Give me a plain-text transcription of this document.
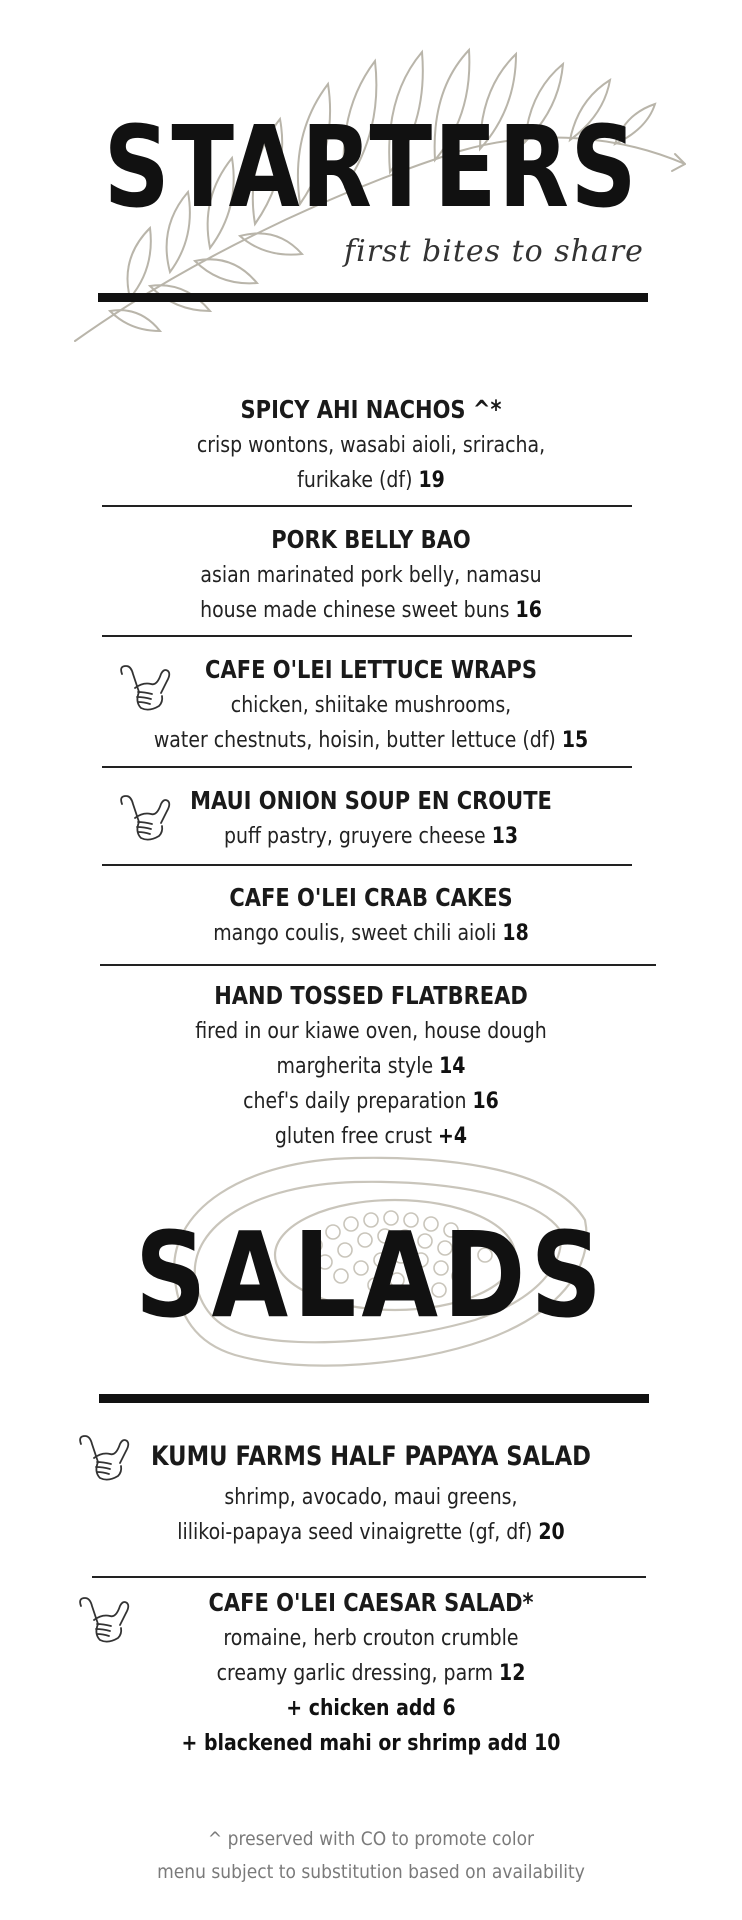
STARTERS
first bites to share
SPICY AHI NACHOS ^*
crisp wontons, wasabi aioli, sriracha,
furikake (df) 19
PORK BELLY BAO
asian marinated pork belly, namasu
house made chinese sweet buns 16
CAFE O'LEI LETTUCE WRAPS
chicken, shiitake mushrooms,
water chestnuts, hoisin, butter lettuce (df) 15
MAUI ONION SOUP EN CROUTE
puff pastry, gruyere cheese 13
CAFE O'LEI CRAB CAKES
mango coulis, sweet chili aioli 18
HAND TOSSED FLATBREAD
fired in our kiawe oven, house dough
margherita style 14
chef's daily preparation 16
gluten free crust +4
SALADS
KUMU FARMS HALF PAPAYA SALAD
shrimp, avocado, maui greens,
lilikoi-papaya seed vinaigrette (gf, df) 20
CAFE O'LEI CAESAR SALAD*
romaine, herb crouton crumble
creamy garlic dressing, parm 12
+ chicken add 6
+ blackened mahi or shrimp add 10
^ preserved with CO to promote color
menu subject to substitution based on availability
